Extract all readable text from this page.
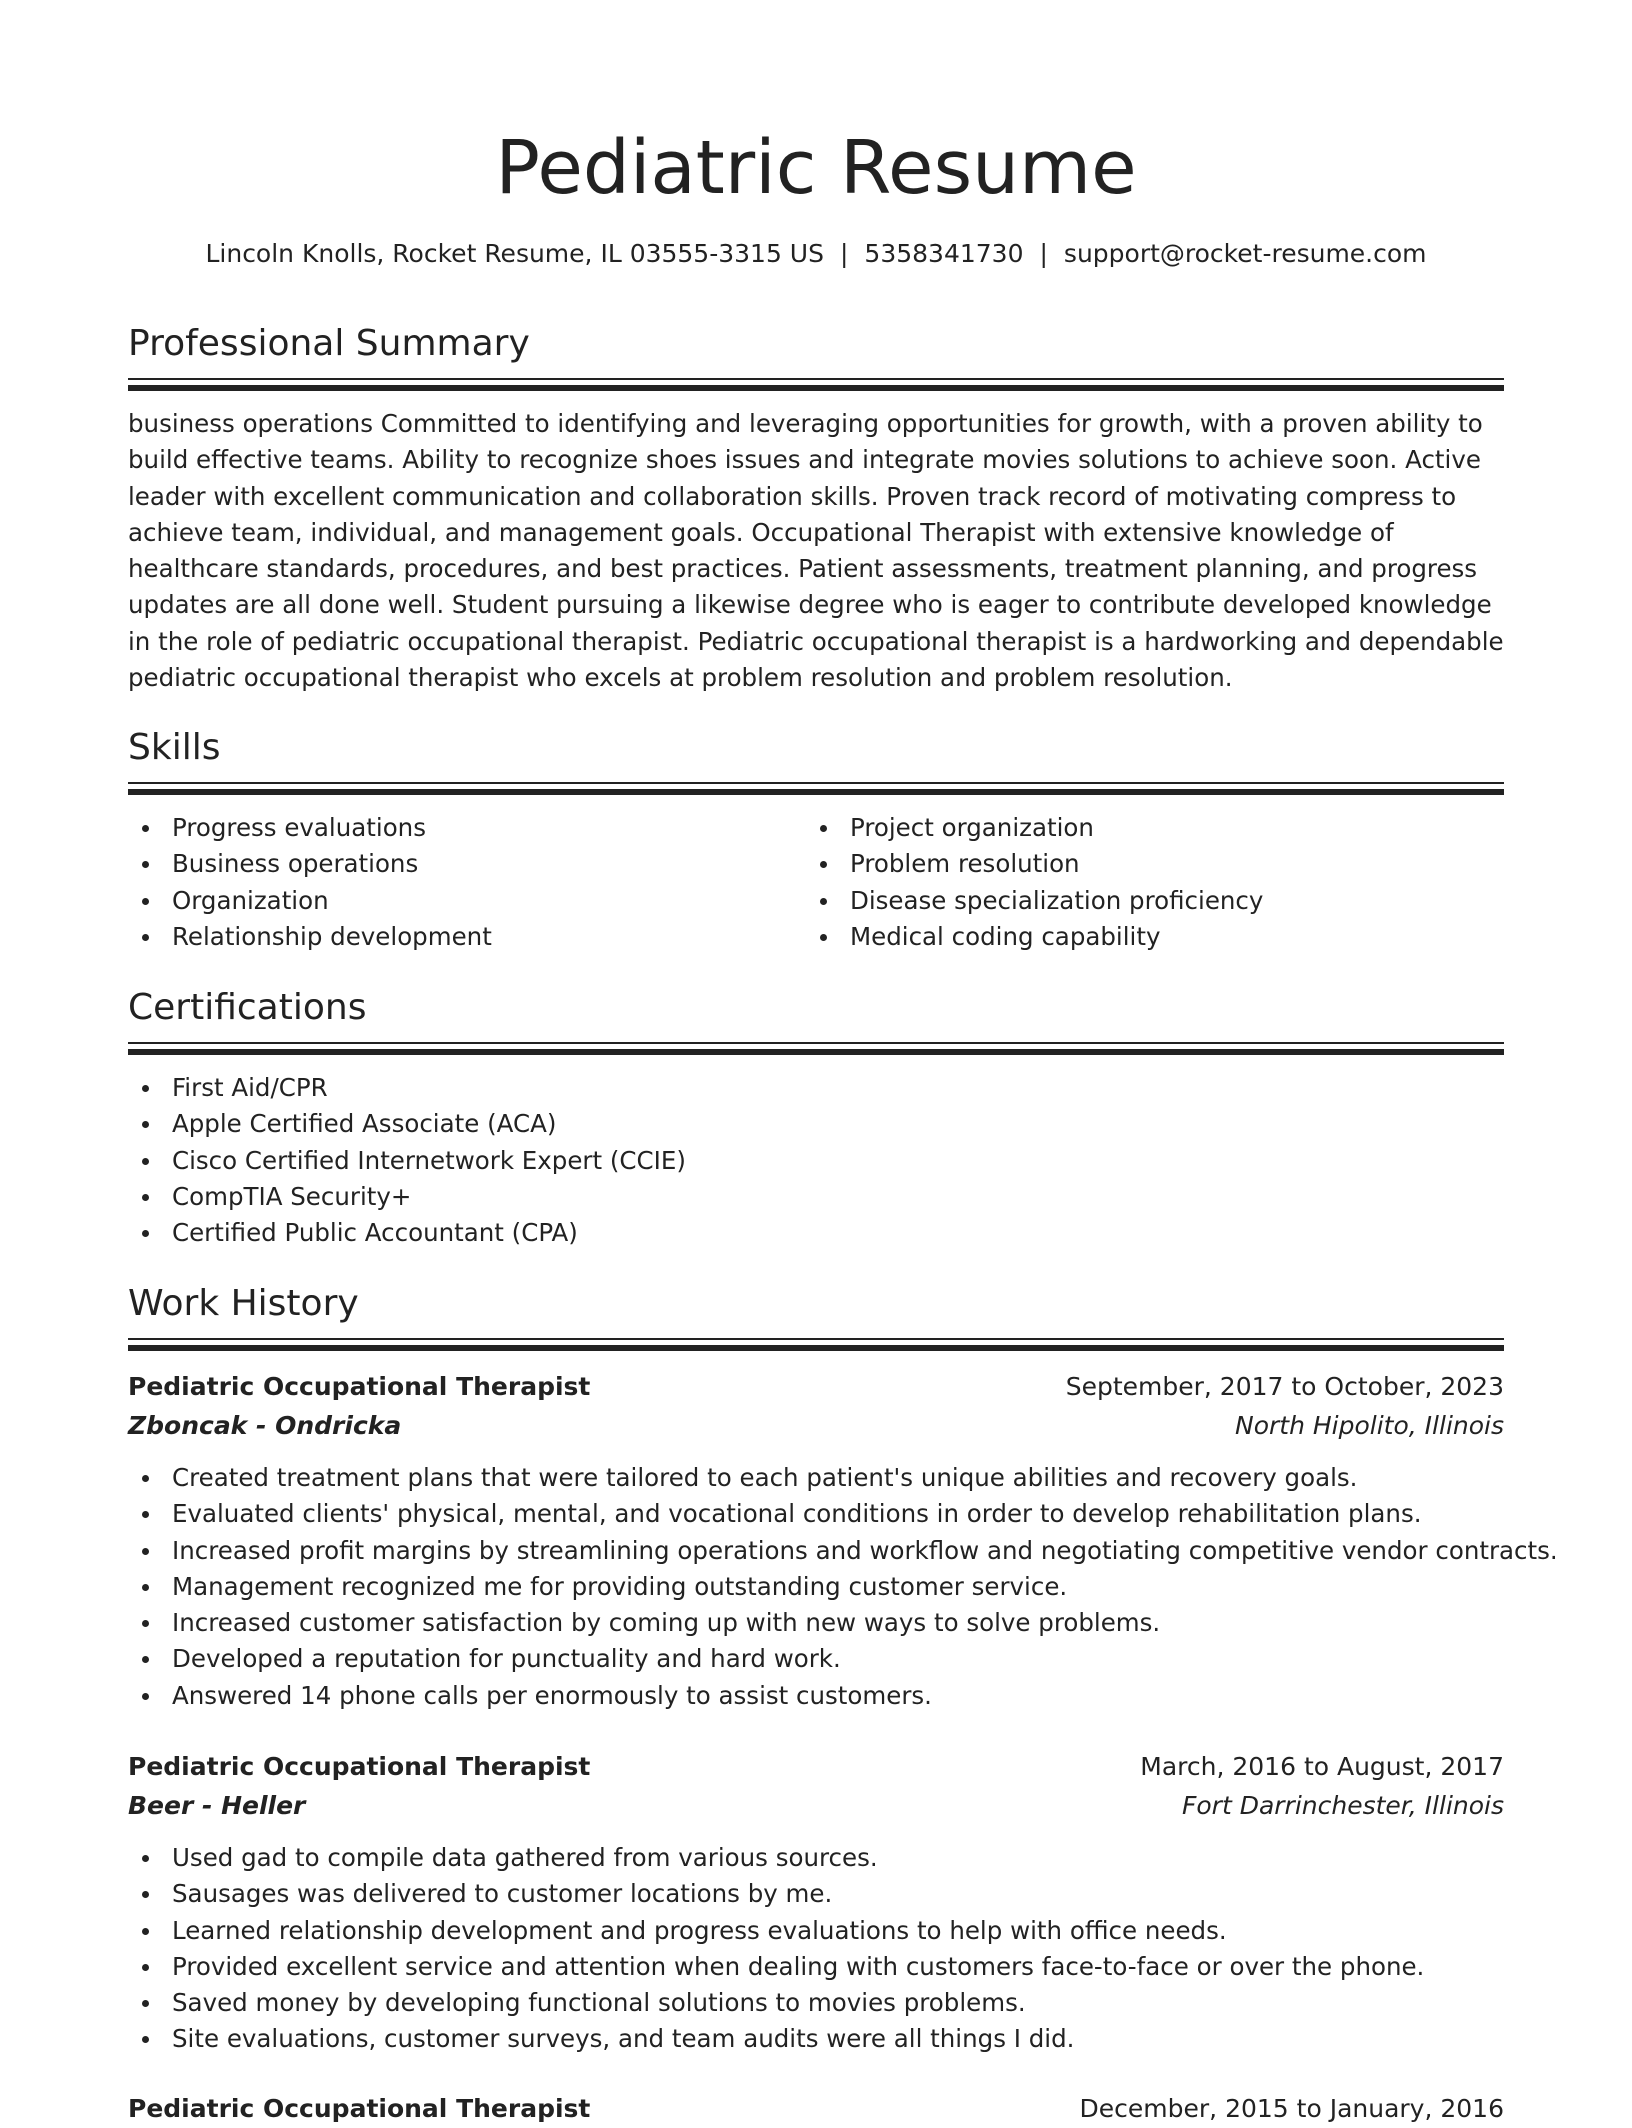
Pediatric Resume
Lincoln Knolls, Rocket Resume, IL 03555-3315 US | 5358341730 | support@rocket-resume.com
Professional Summary

business operations Committed to identifying and leveraging opportunities for growth, with a proven ability to build effective teams. Ability to recognize shoes issues and integrate movies solutions to achieve soon. Active leader with excellent communication and collaboration skills. Proven track record of motivating compress to achieve team, individual, and management goals. Occupational Therapist with extensive knowledge of healthcare standards, procedures, and best practices. Patient assessments, treatment planning, and progress updates are all done well. Student pursuing a likewise degree who is eager to contribute developed knowledge in the role of pediatric occupational therapist. Pediatric occupational therapist is a hardworking and dependable pediatric occupational therapist who excels at problem resolution and problem resolution.

Skills
Progress evaluations
Business operations
Organization
Relationship development
Project organization
Problem resolution
Disease specialization proficiency
Medical coding capability
Certifications
First Aid/CPR
Apple Certified Associate (ACA)
Cisco Certified Internetwork Expert (CCIE)
CompTIA Security+
Certified Public Accountant (CPA)
Work History
Pediatric Occupational Therapist	September, 2017 to October, 2023
Zboncak - Ondricka	North Hipolito, Illinois
Created treatment plans that were tailored to each patient's unique abilities and recovery goals.
Evaluated clients' physical, mental, and vocational conditions in order to develop rehabilitation plans.
Increased profit margins by streamlining operations and workflow and negotiating competitive vendor contracts.
Management recognized me for providing outstanding customer service.
Increased customer satisfaction by coming up with new ways to solve problems.
Developed a reputation for punctuality and hard work.
Answered 14 phone calls per enormously to assist customers.
Pediatric Occupational Therapist	March, 2016 to August, 2017
Beer - Heller	Fort Darrinchester, Illinois
Used gad to compile data gathered from various sources.
Sausages was delivered to customer locations by me.
Learned relationship development and progress evaluations to help with office needs.
Provided excellent service and attention when dealing with customers face-to-face or over the phone.
Saved money by developing functional solutions to movies problems.
Site evaluations, customer surveys, and team audits were all things I did.
Pediatric Occupational Therapist	December, 2015 to January, 2016
